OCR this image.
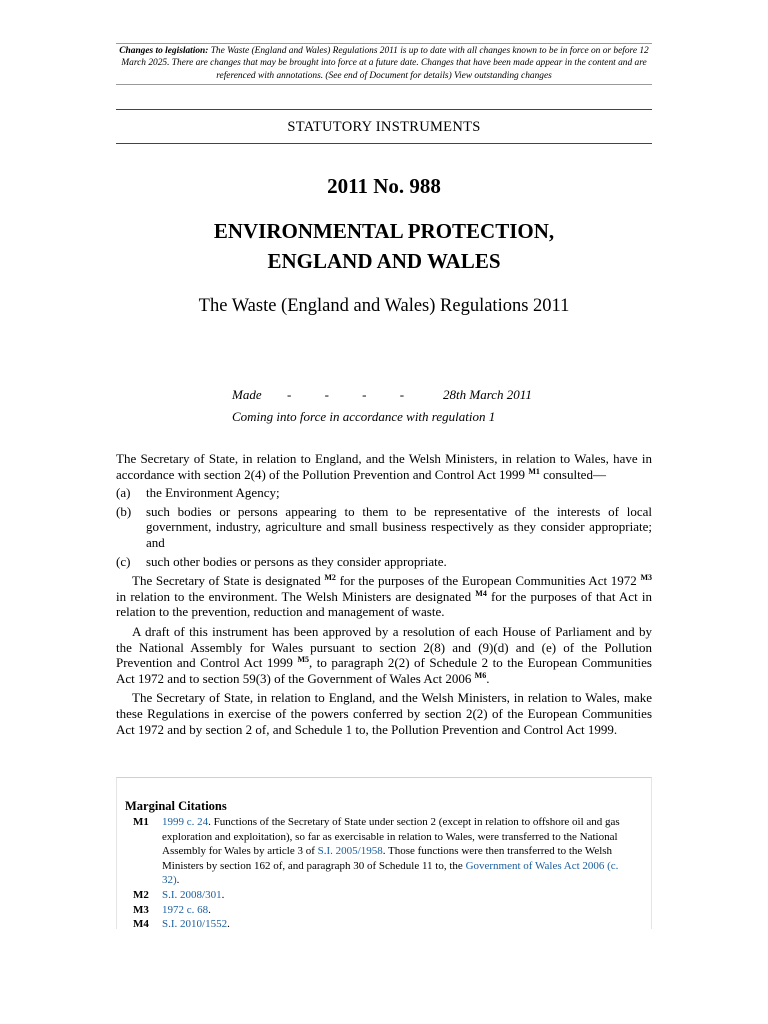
Changes to legislation: The Waste (England and Wales) Regulations 2011 is up to date with all changes known to be in force on or before 12 March 2025. There are changes that may be brought into force at a future date. Changes that have been made appear in the content and are referenced with annotations. (See end of Document for details) View outstanding changes
STATUTORY INSTRUMENTS
2011 No. 988
ENVIRONMENTAL PROTECTION,
ENGLAND AND WALES
The Waste (England and Wales) Regulations 2011
Made - - - - 28th March 2011
Coming into force in accordance with regulation 1

The Secretary of State, in relation to England, and the Welsh Ministers, in relation to Wales, have in accordance with section 2(4) of the Pollution Prevention and Control Act 1999 $^{M1}$ consulted—

(a)	the Environment Agency;
(b)	such bodies or persons appearing to them to be representative of the interests of local government, industry, agriculture and small business respectively as they consider appropriate; and
(c)	such other bodies or persons as they consider appropriate.

The Secretary of State is designated $^{M2}$ for the purposes of the European Communities Act 1972 $^{M3}$ in relation to the environment. The Welsh Ministers are designated $^{M4}$ for the purposes of that Act in relation to the prevention, reduction and management of waste.

A draft of this instrument has been approved by a resolution of each House of Parliament and by the National Assembly for Wales pursuant to section 2(8) and (9)(d) and (e) of the Pollution Prevention and Control Act 1999 $^{M5}$, to paragraph 2(2) of Schedule 2 to the European Communities Act 1972 and to section 59(3) of the Government of Wales Act 2006 $^{M6}$.

The Secretary of State, in relation to England, and the Welsh Ministers, in relation to Wales, make these Regulations in exercise of the powers conferred by section 2(2) of the European Communities Act 1972 and by section 2 of, and Schedule 1 to, the Pollution Prevention and Control Act 1999.

Marginal Citations
M1	1999 c. 24. Functions of the Secretary of State under section 2 (except in relation to offshore oil and gas exploration and exploitation), so far as exercisable in relation to Wales, were transferred to the National Assembly for Wales by article 3 of S.I. 2005/1958. Those functions were then transferred to the Welsh Ministers by section 162 of, and paragraph 30 of Schedule 11 to, the Government of Wales Act 2006 (c. 32).
M2	S.I. 2008/301.
M3	1972 c. 68.
M4	S.I. 2010/1552.
